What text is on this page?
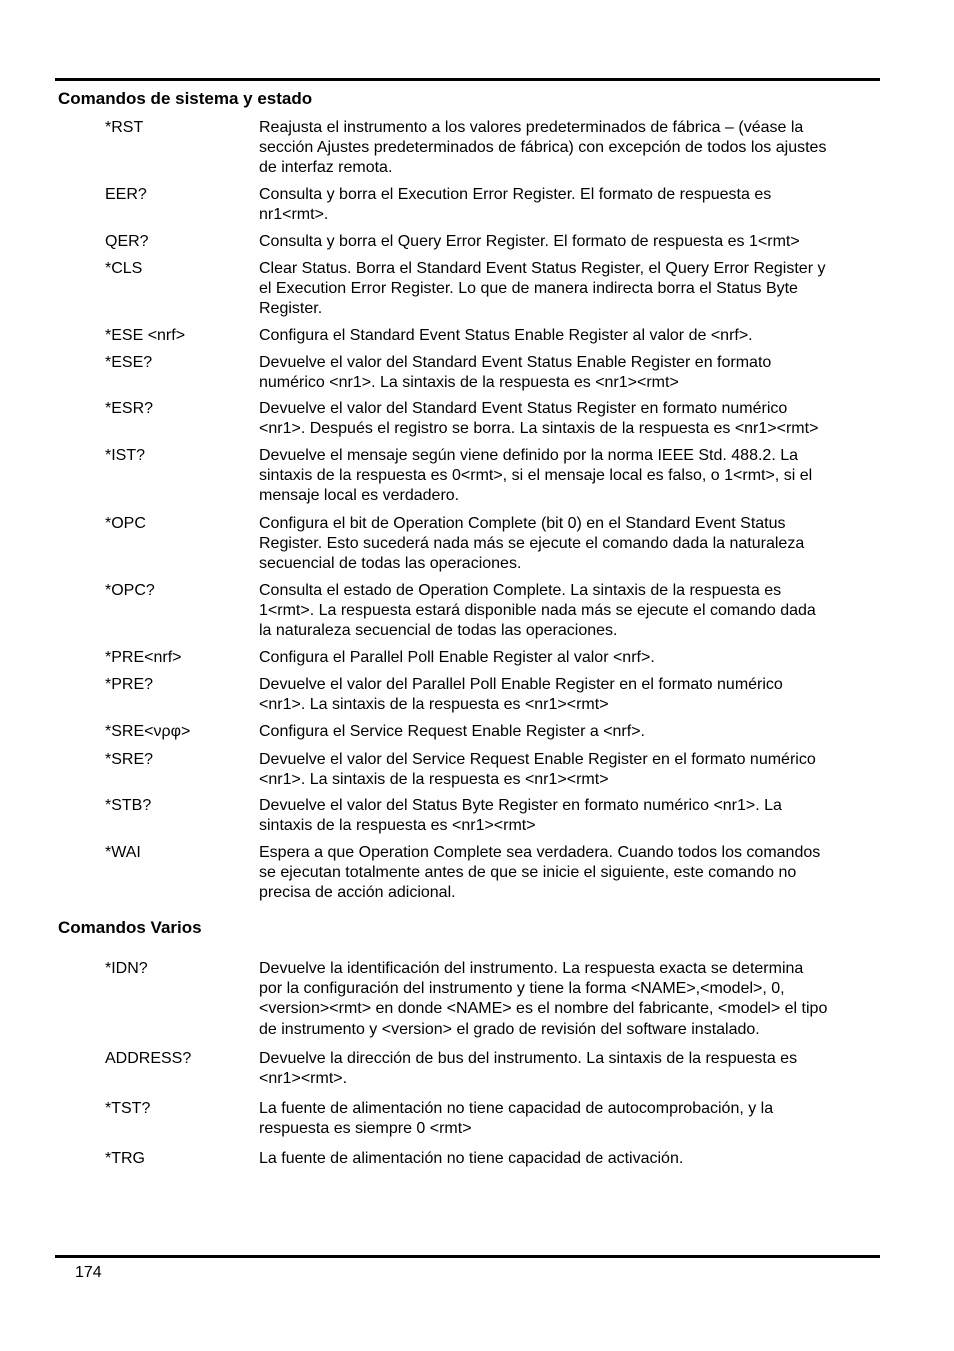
Comandos de sistema y estado
Comandos Varios
*RST	Reajusta el instrumento a los valores predeterminados de fábrica – (véase la
sección Ajustes predeterminados de fábrica) con excepción de todos los ajustes
de interfaz remota.
EER?	Consulta y borra el Execution Error Register. El formato de respuesta es
nr1<rmt>.
QER?	Consulta y borra el Query Error Register. El formato de respuesta es 1<rmt>
*CLS	Clear Status. Borra el Standard Event Status Register, el Query Error Register y
el Execution Error Register. Lo que de manera indirecta borra el Status Byte
Register.
*ESE <nrf>	Configura el Standard Event Status Enable Register al valor de <nrf>.
*ESE?	Devuelve el valor del Standard Event Status Enable Register en formato
numérico <nr1>. La sintaxis de la respuesta es <nr1><rmt>
*ESR?	Devuelve el valor del Standard Event Status Register en formato numérico
<nr1>. Después el registro se borra. La sintaxis de la respuesta es <nr1><rmt>
*IST?	Devuelve el mensaje según viene definido por la norma IEEE Std. 488.2. La
sintaxis de la respuesta es 0<rmt>, si el mensaje local es falso, o 1<rmt>, si el
mensaje local es verdadero.
*OPC	Configura el bit de Operation Complete (bit 0) en el Standard Event Status
Register. Esto sucederá nada más se ejecute el comando dada la naturaleza
secuencial de todas las operaciones.
*OPC?	Consulta el estado de Operation Complete. La sintaxis de la respuesta es
1<rmt>. La respuesta estará disponible nada más se ejecute el comando dada
la naturaleza secuencial de todas las operaciones.
*PRE<nrf>	Configura el Parallel Poll Enable Register al valor <nrf>.
*PRE?	Devuelve el valor del Parallel Poll Enable Register en el formato numérico
<nr1>. La sintaxis de la respuesta es <nr1><rmt>
*SRE<νρφ>	Configura el Service Request Enable Register a <nrf>.
*SRE?	Devuelve el valor del Service Request Enable Register en el formato numérico
<nr1>. La sintaxis de la respuesta es <nr1><rmt>
*STB?	Devuelve el valor del Status Byte Register en formato numérico <nr1>. La
sintaxis de la respuesta es <nr1><rmt>
*WAI	Espera a que Operation Complete sea verdadera. Cuando todos los comandos
se ejecutan totalmente antes de que se inicie el siguiente, este comando no
precisa de acción adicional.
*IDN?	Devuelve la identificación del instrumento. La respuesta exacta se determina
por la configuración del instrumento y tiene la forma <NAME>,<model>, 0,
<version><rmt> en donde <NAME> es el nombre del fabricante, <model> el tipo
de instrumento y <version> el grado de revisión del software instalado.
ADDRESS?	Devuelve la dirección de bus del instrumento. La sintaxis de la respuesta es
<nr1><rmt>.
*TST?	La fuente de alimentación no tiene capacidad de autocomprobación, y la
respuesta es siempre 0 <rmt>
*TRG	La fuente de alimentación no tiene capacidad de activación.
174
